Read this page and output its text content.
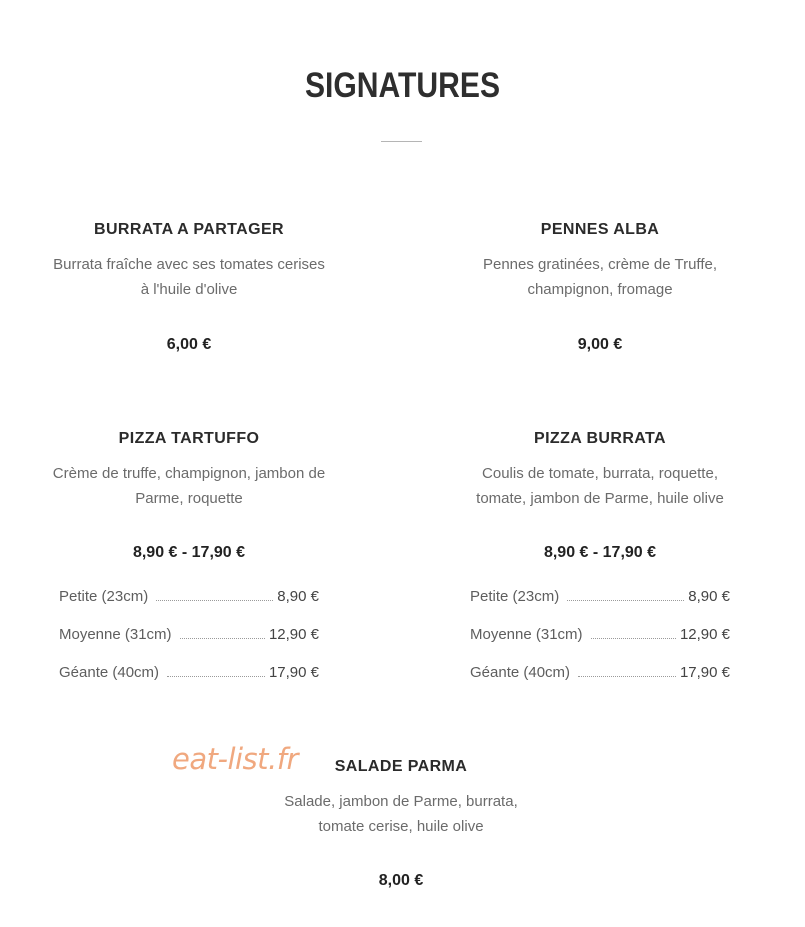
SIGNATURES
BURRATA A PARTAGER
Burrata fraîche avec ses tomates cerises
à l'huile d'olive
6,00 €
PENNES ALBA
Pennes gratinées, crème de Truffe,
champignon, fromage
9,00 €
PIZZA TARTUFFO
Crème de truffe, champignon, jambon de
Parme, roquette
8,90 € - 17,90 €
Petite (23cm)	8,90 €
Moyenne (31cm)	12,90 €
Géante (40cm)	17,90 €
PIZZA BURRATA
Coulis de tomate, burrata, roquette,
tomate, jambon de Parme, huile olive
8,90 € - 17,90 €
Petite (23cm)	8,90 €
Moyenne (31cm)	12,90 €
Géante (40cm)	17,90 €
eat-list.fr	SALADE PARMA
Salade, jambon de Parme, burrata,
tomate cerise, huile olive
8,00 €
